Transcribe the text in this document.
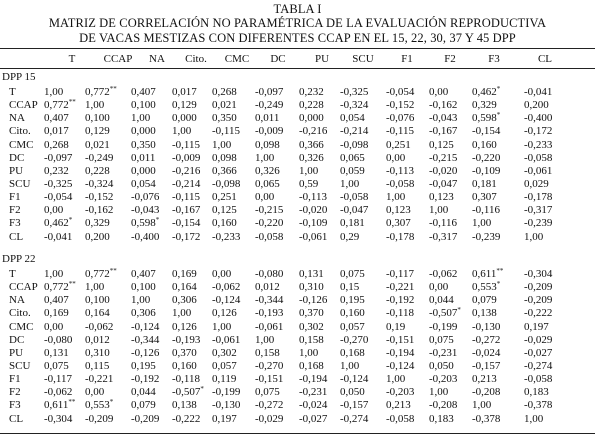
TABLA I
MATRIZ DE CORRELACIÓN NO PARAMÉTRICA DE LA EVALUACIÓN REPRODUCTIVA
DE VACAS MESTIZAS CON DIFERENTES CCAP EN EL 15, 22, 30, 37 Y 45 DPP
T	CCAP	NA	Cito.	CMC	DC	PU	SCU	F1	F2	F3	CL
DPP 15
T	1,00 0,772** 0,407 0,017 0,268 -0,097 0,232 -0,325 -0,054 0,00 0,462* -0,041
CCAP 0,772** 1,00 0,100 0,129 0,021 -0,249 0,228 -0,324 -0,152 -0,162 0,329 0,200
NA 0,407 0,100 1,00 0,000 0,350 0,011 0,000 0,054 -0,076 -0,043 0,598* -0,400
Cito. 0,017 0,129 0,000 1,00 -0,115 -0,009 -0,216 -0,214 -0,115 -0,167 -0,154 -0,172
CMC 0,268 0,021 0,350 -0,115 1,00 0,098 0,366 -0,098 0,251 0,125 0,160 -0,233
DC -0,097 -0,249 0,011 -0,009 0,098 1,00 0,326 0,065 0,00 -0,215 -0,220 -0,058
PU 0,232 0,228 0,000 -0,216 0,366 0,326 1,00 0,059 -0,113 -0,020 -0,109 -0,061
SCU -0,325 -0,324 0,054 -0,214 -0,098 0,065 0,59 1,00 -0,058 -0,047 0,181 0,029
F1 -0,054 -0,152 -0,076 -0,115 0,251 0,00 -0,113 -0,058 1,00 0,123 0,307 -0,178
F2 0,00 -0,162 -0,043 -0,167 0,125 -0,215 -0,020 -0,047 0,123 1,00 -0,116 -0,317
F3 0,462* 0,329 0,598* -0,154 0,160 -0,220 -0,109 0,181 0,307 -0,116 1,00	-0,239
CL -0,041 0,200 -0,400 -0,172 -0,233 -0,058 -0,061 0,29 -0,178 -0,317 -0,239 1,00
DPP 22
T	1,00 0,772** 0,407 0,169 0,00 -0,080 0,131 0,075 -0,117 -0,062 0,611** -0,304
CCAP 0,772** 1,00 0,100 0,164 -0,062 0,012 0,310 0,15 -0,221 0,00 0,553* -0,209
NA 0,407 0,100 1,00 0,306 -0,124 -0,344 -0,126 0,195 -0,192 0,044 0,079 -0,209
Cito. 0,169 0,164 0,306 1,00 0,126 -0,193 0,370 0,160 -0,118 -0,507* 0,138 -0,222
CMC 0,00 -0,062 -0,124 0,126 1,00 -0,061 0,302 0,057 0,19 -0,199 -0,130 0,197
DC -0,080 0,012 -0,344 -0,193 -0,061 1,00 0,158 -0,270 -0,151 0,075 -0,272 -0,029
PU 0,131 0,310 -0,126 0,370 0,302 0,158 1,00 0,168 -0,194 -0,231 -0,024 -0,027
SCU 0,075 0,115 0,195 0,160 0,057 -0,270 0,168 1,00 -0,124 0,050 -0,157 -0,274
F1 -0,117 -0,221 -0,192 -0,118 0,119 -0,151 -0,194 -0,124 1,00 -0,203 0,213 -0,058
F2 -0,062 0,00 0,044 -0,507* -0,199 0,075 -0,231 0,050 -0,203 1,00 -0,208 0,183
F3 0,611** 0,553* 0,079 0,138 -0,130 -0,272 -0,024 -0,157 0,213 -0,208 1,00	-0,378
CL -0,304 -0,209 -0,209 -0,222 0,197 -0,029 -0,027 -0,274 -0,058 0,183 -0,378 1,00
